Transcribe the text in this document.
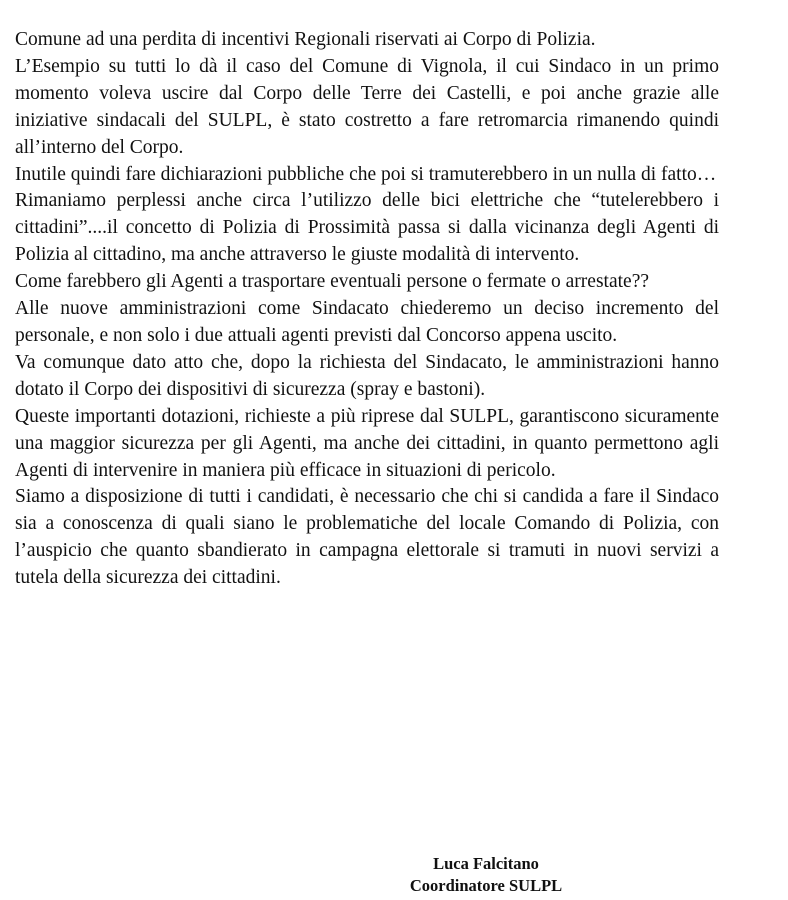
Comune ad una perdita di incentivi Regionali riservati ai Corpo di Polizia.

L’Esempio su tutti lo dà il caso del Comune di Vignola, il cui Sindaco in un primo momento voleva uscire dal Corpo delle Terre dei Castelli, e poi anche grazie alle iniziative sindacali del SULPL, è stato costretto a fare retromarcia rimanendo quindi all’interno del Corpo.

Inutile quindi fare dichiarazioni pubbliche che poi si tramuterebbero in un nulla di fatto…

Rimaniamo perplessi anche circa l’utilizzo delle bici elettriche che “tutelerebbero i cittadini”....il concetto di Polizia di Prossimità passa si dalla vicinanza degli Agenti di Polizia al cittadino, ma anche attraverso le giuste modalità di intervento.

Come farebbero gli Agenti a trasportare eventuali persone o fermate o arrestate??

Alle nuove amministrazioni come Sindacato chiederemo un deciso incremento del personale, e non solo i due attuali agenti previsti dal Concorso appena uscito.

Va comunque dato atto che, dopo la richiesta del Sindacato, le amministrazioni hanno dotato il Corpo dei dispositivi di sicurezza (spray e bastoni).

Queste importanti dotazioni, richieste a più riprese dal SULPL, garantiscono sicuramente una maggior sicurezza per gli Agenti, ma anche dei cittadini, in quanto permettono agli Agenti di intervenire in maniera più efficace in situazioni di pericolo.

Siamo a disposizione di tutti i candidati, è necessario che chi si candida a fare il Sindaco sia a conoscenza di quali siano le problematiche del locale Comando di Polizia, con l’auspicio che quanto sbandierato in campagna elettorale si tramuti in nuovi servizi a tutela della sicurezza dei cittadini.

Luca Falcitano
Coordinatore SULPL
